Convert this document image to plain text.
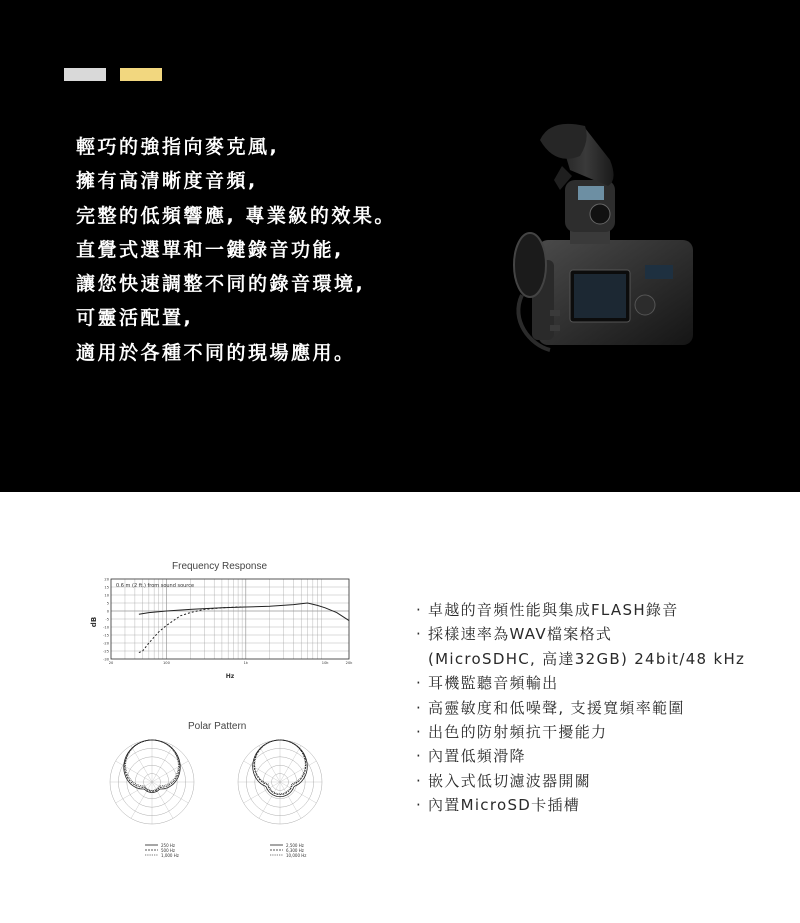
輕巧的強指向麥克風,
擁有高清晰度音頻,
完整的低頻響應, 專業級的效果。
直覺式選單和一鍵錄音功能,
讓您快速調整不同的錄音環境,
可靈活配置,
適用於各種不同的現場應用。
Frequency Response
20
15
10
5
0
-5
-10
-15
-20
-25
-30
20	100	1k	10k	20k
0.6 m (2 ft.) from sound source
dB
Hz
Polar Pattern
250 Hz
500 Hz
1,000 Hz
2,500 Hz
6,300 Hz
10,000 Hz
· 卓越的音頻性能與集成FLASH錄音
· 採樣速率為WAV檔案格式
(MicroSDHC, 高達32GB) 24bit/48 kHz
· 耳機監聽音頻輸出
· 高靈敏度和低噪聲, 支援寬頻率範圍
· 出色的防射頻抗干擾能力
· 內置低頻滑降
· 嵌入式低切濾波器開關
· 內置MicroSD卡插槽
